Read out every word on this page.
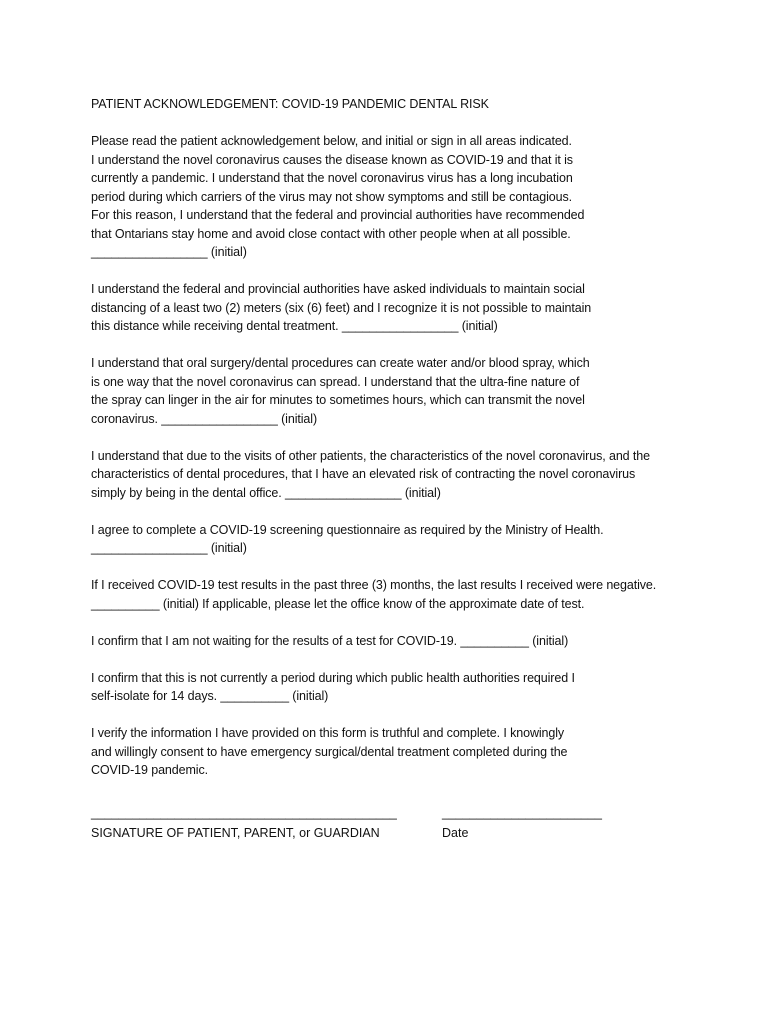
PATIENT ACKNOWLEDGEMENT: COVID-19 PANDEMIC DENTAL RISK
Please read the patient acknowledgement below, and initial or sign in all areas indicated.
I understand the novel coronavirus causes the disease known as COVID-19 and that it is
currently a pandemic. I understand that the novel coronavirus virus has a long incubation
period during which carriers of the virus may not show symptoms and still be contagious.
For this reason, I understand that the federal and provincial authorities have recommended
that Ontarians stay home and avoid close contact with other people when at all possible.
_________________ (initial)
I understand the federal and provincial authorities have asked individuals to maintain social
distancing of a least two (2) meters (six (6) feet) and I recognize it is not possible to maintain
this distance while receiving dental treatment. _________________ (initial)
I understand that oral surgery/dental procedures can create water and/or blood spray, which
is one way that the novel coronavirus can spread. I understand that the ultra-fine nature of
the spray can linger in the air for minutes to sometimes hours, which can transmit the novel
coronavirus. _________________ (initial)
I understand that due to the visits of other patients, the characteristics of the novel coronavirus, and the
characteristics of dental procedures, that I have an elevated risk of contracting the novel coronavirus
simply by being in the dental office. _________________ (initial)
I agree to complete a COVID-19 screening questionnaire as required by the Ministry of Health.
_________________ (initial)
If I received COVID-19 test results in the past three (3) months, the last results I received were negative.
__________ (initial) If applicable, please let the office know of the approximate date of test.
I confirm that I am not waiting for the results of a test for COVID-19. __________ (initial)
I confirm that this is not currently a period during which public health authorities required I
self-isolate for 14 days. __________ (initial)
I verify the information I have provided on this form is truthful and complete. I knowingly
and willingly consent to have emergency surgical/dental treatment completed during the
COVID-19 pandemic.
____________________________________________
SIGNATURE OF PATIENT, PARENT, or GUARDIAN
_______________________
Date
